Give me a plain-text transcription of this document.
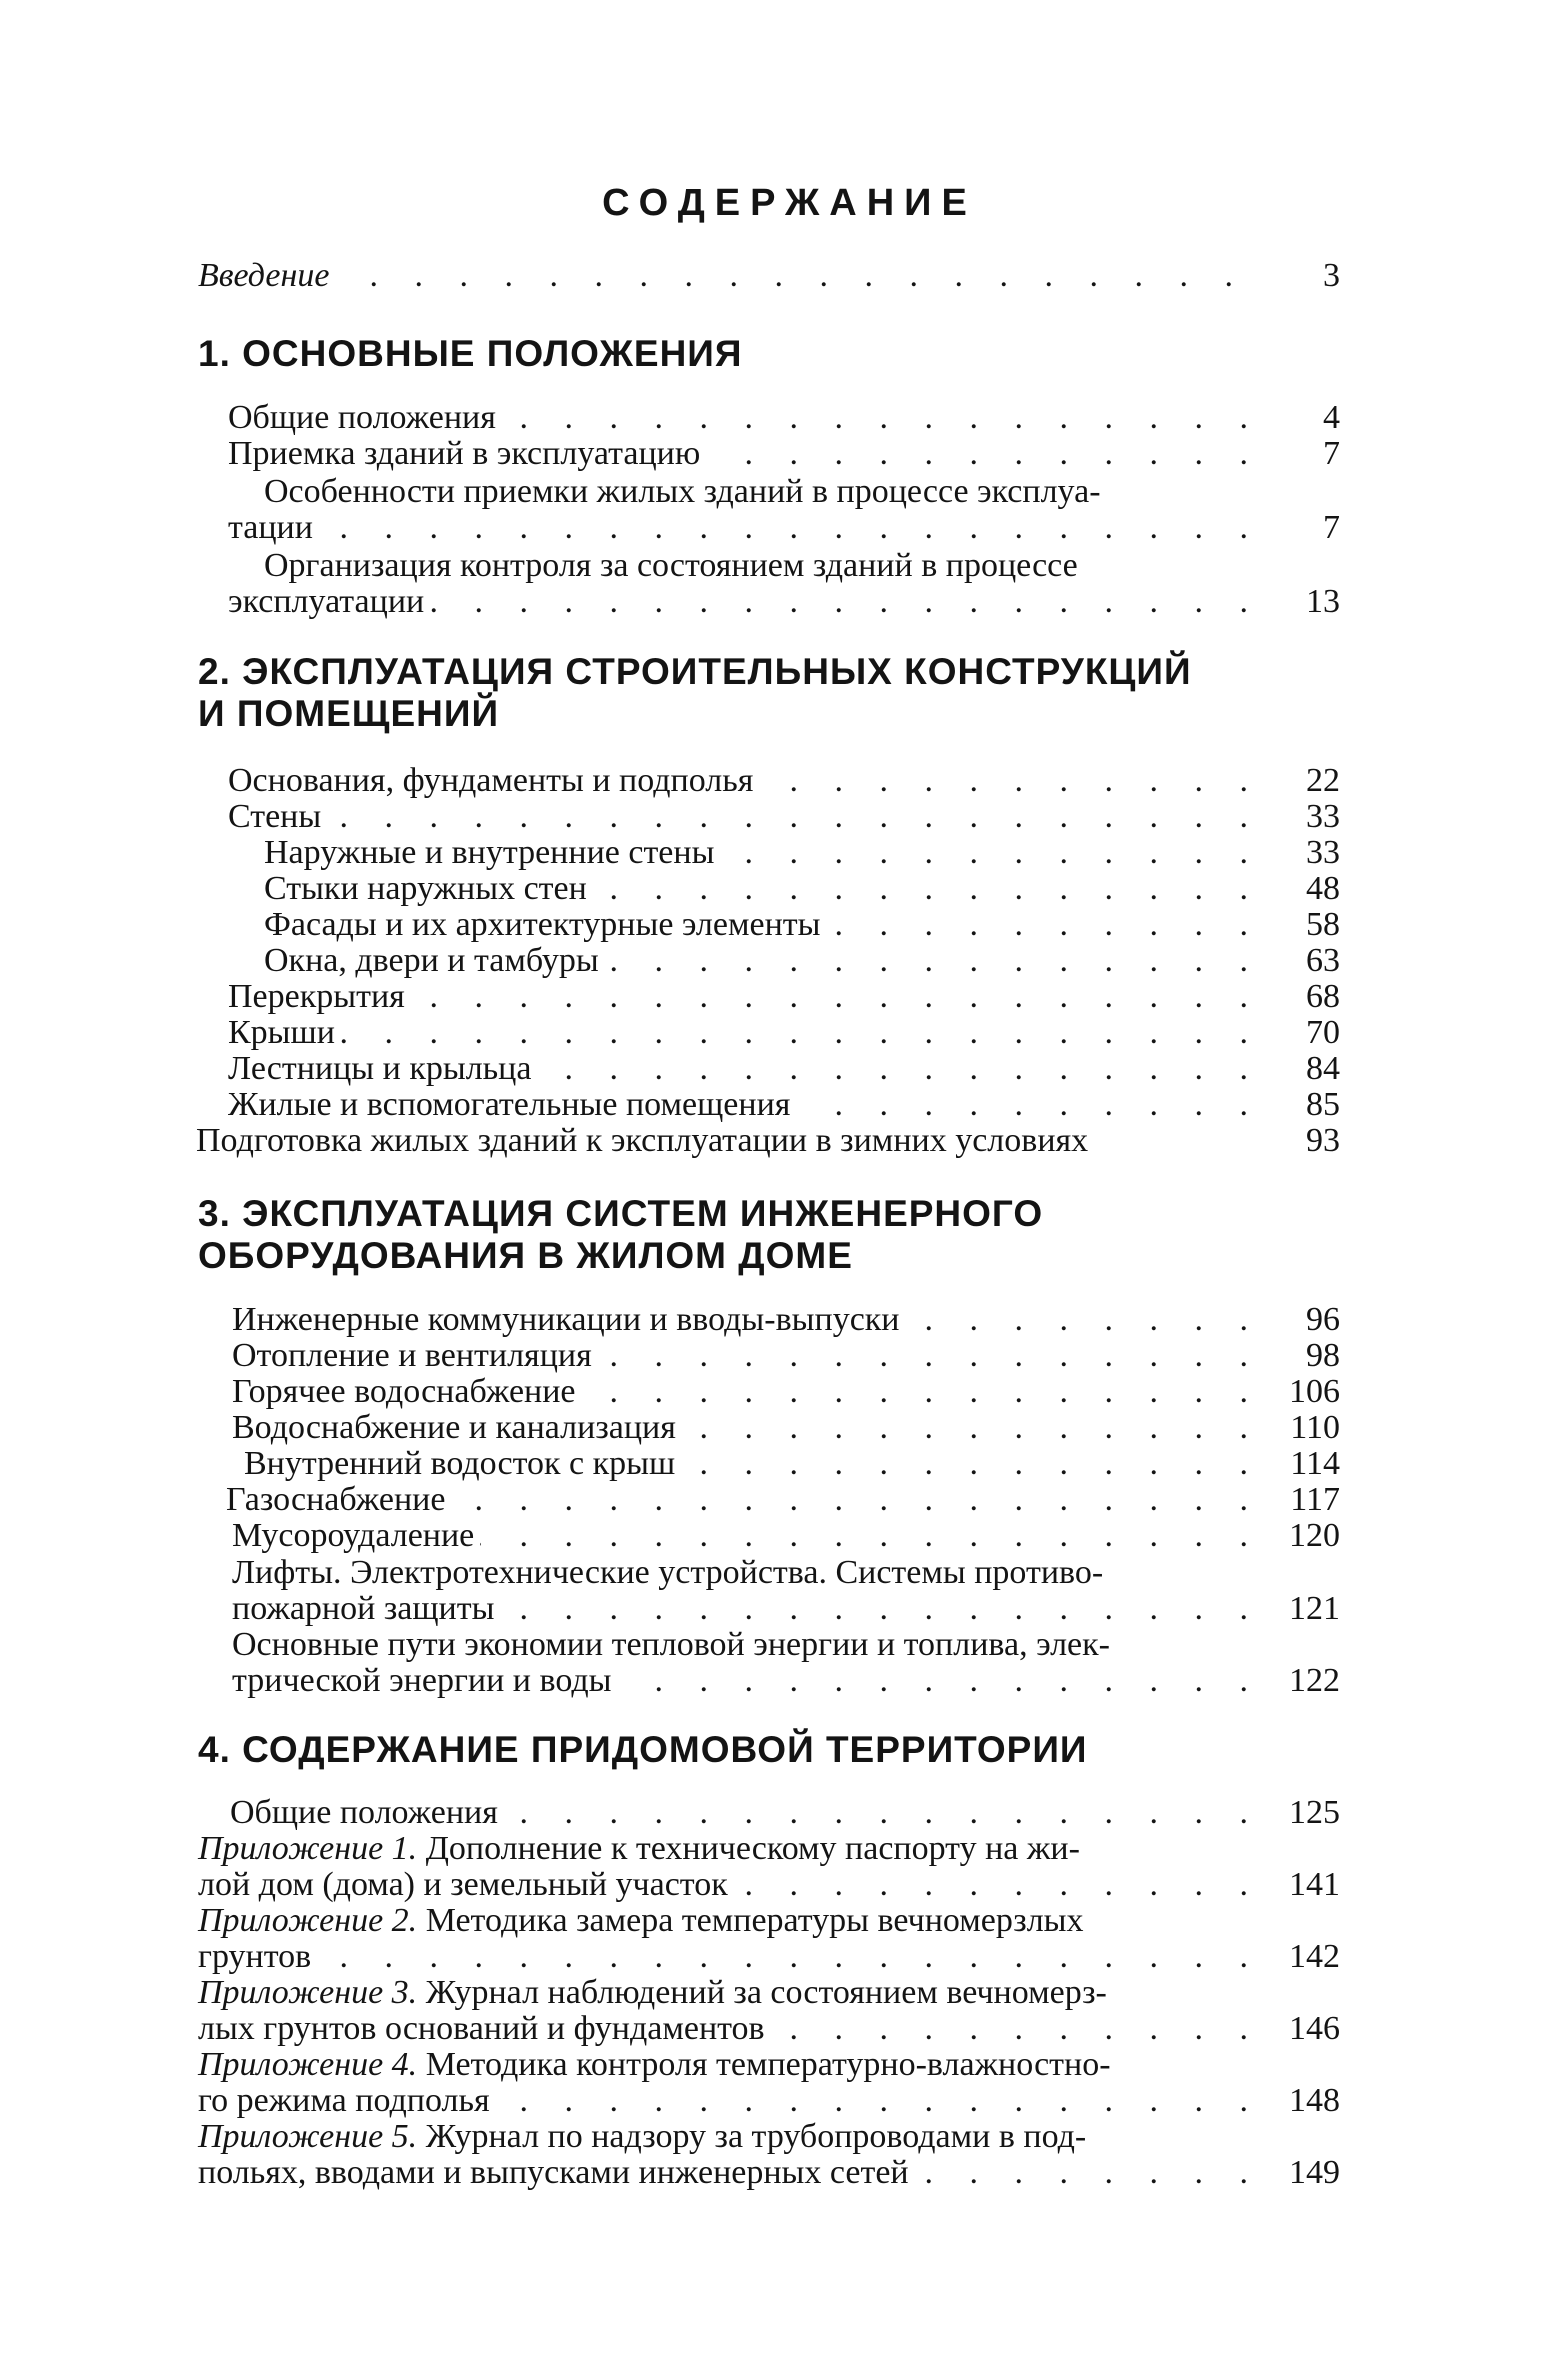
СОДЕРЖАНИЕ
Введение . . .	3
1. ОСНОВНЫЕ ПОЛОЖЕНИЯ
Общие положения . . .	4
Приемка зданий в эксплуатацию . . .	7
Особенности приемки жилых зданий в процессе эксплуа-
тации . . .	7
Организация контроля за состоянием зданий в процессе
эксплуатации . . .	13
2. ЭКСПЛУАТАЦИЯ СТРОИТЕЛЬНЫХ КОНСТРУКЦИЙ
И ПОМЕЩЕНИЙ
Основания, фундаменты и подполья . . .	22
Стены . . .	33
Наружные и внутренние стены . . .	33
Стыки наружных стен . . .	48
Фасады и их архитектурные элементы . . .	58
Окна, двери и тамбуры . . .	63
Перекрытия . . .	68
Крыши . . .	70
Лестницы и крыльца . . .	84
Жилые и вспомогательные помещения . . .	85
Подготовка жилых зданий к эксплуатации в зимних условиях	93
3. ЭКСПЛУАТАЦИЯ СИСТЕМ ИНЖЕНЕРНОГО
ОБОРУДОВАНИЯ В ЖИЛОМ ДОМЕ
Инженерные коммуникации и вводы-выпуски . . .	96
Отопление и вентиляция . . .	98
Горячее водоснабжение . . .	106
Водоснабжение и канализация . . .	110
Внутренний водосток с крыш . . .	114
Газоснабжение . . .	117
Мусороудаление . . .	120
Лифты. Электротехнические устройства. Системы противо-
пожарной защиты . . .	121
Основные пути экономии тепловой энергии и топлива, элек-
трической энергии и воды . . .	122
4. СОДЕРЖАНИЕ ПРИДОМОВОЙ ТЕРРИТОРИИ
Общие положения . . .	125
Приложение 1. Дополнение к техническому паспорту на жи-
лой дом (дома) и земельный участок . . .	141
Приложение 2. Методика замера температуры вечномерзлых
грунтов . . .	142
Приложение 3. Журнал наблюдений за состоянием вечномерз-
лых грунтов оснований и фундаментов . . .	146
Приложение 4. Методика контроля температурно-влажностно-
го режима подполья . . .	148
Приложение 5. Журнал по надзору за трубопроводами в под-
польях, вводами и выпусками инженерных сетей . . .	149
